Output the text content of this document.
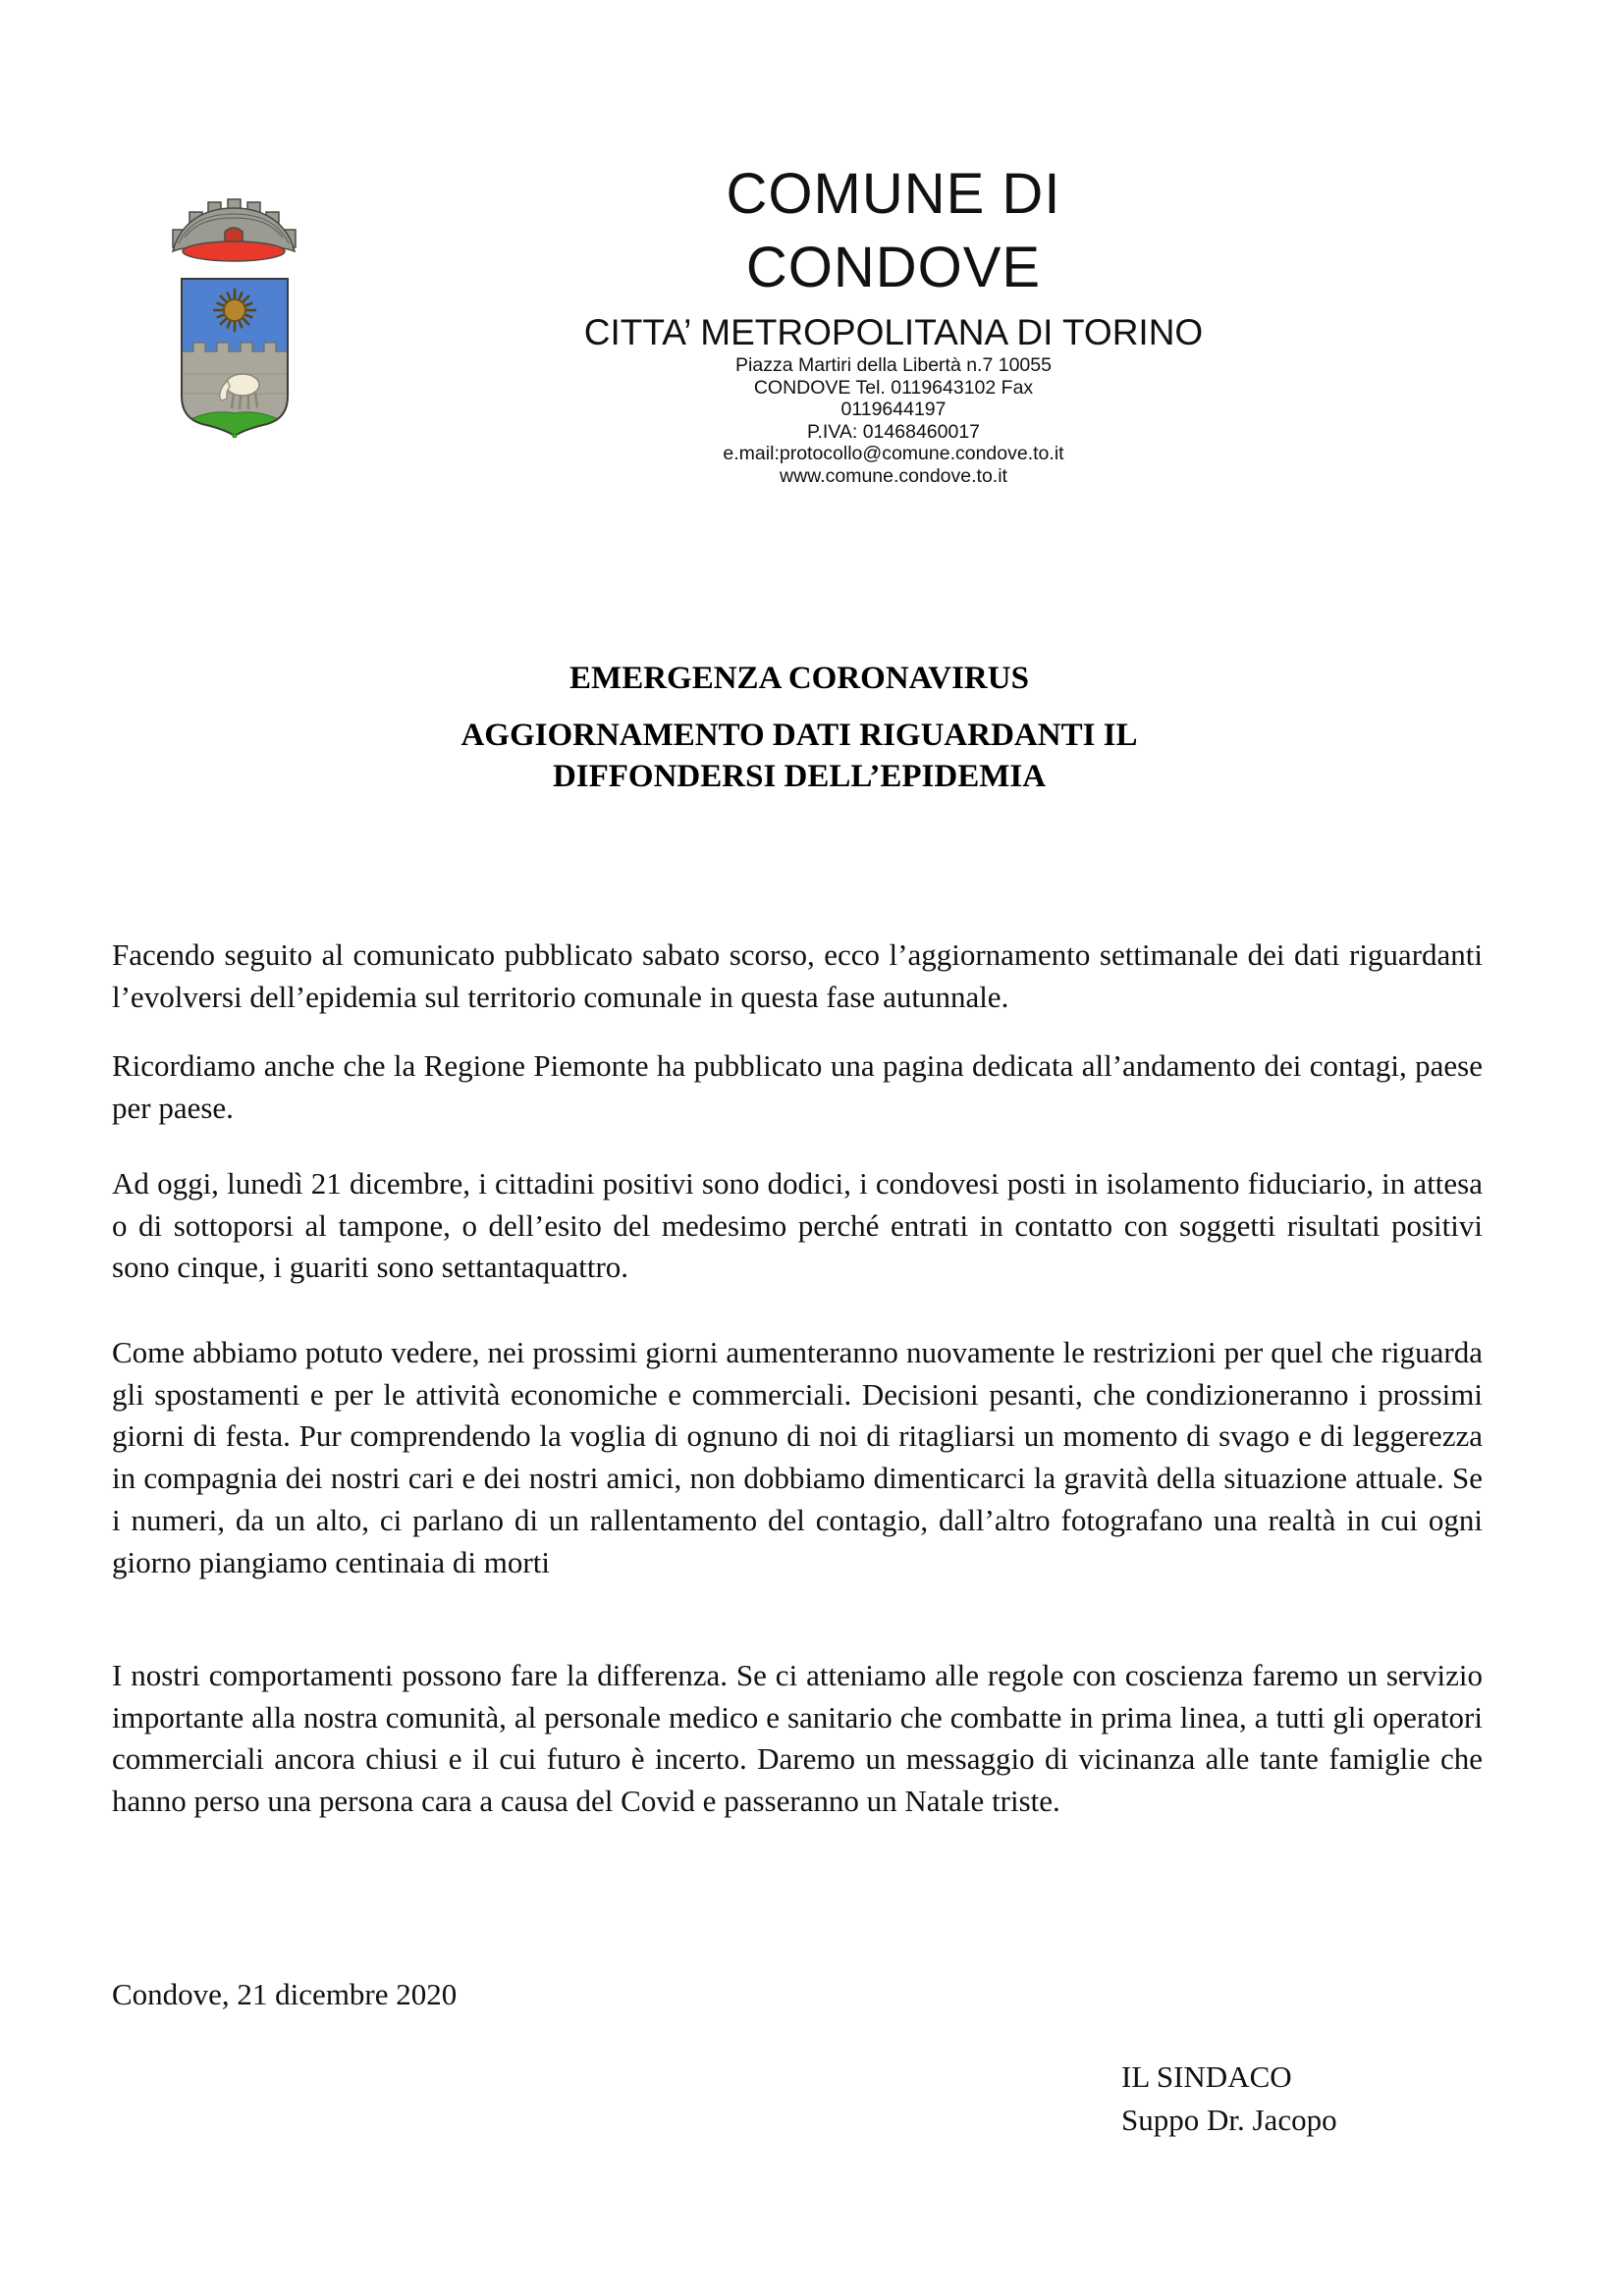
COMUNE DI
CONDOVE
CITTA’ METROPOLITANA DI TORINO
Piazza Martiri della Libertà n.7 10055
CONDOVE Tel. 0119643102 Fax
0119644197
P.IVA: 01468460017
e.mail:protocollo@comune.condove.to.it
www.comune.condove.to.it
EMERGENZA CORONAVIRUS
AGGIORNAMENTO DATI RIGUARDANTI IL
DIFFONDERSI DELL’EPIDEMIA

Facendo seguito al comunicato pubblicato sabato scorso, ecco l’aggiornamento settimanale dei dati riguardanti l’evolversi dell’epidemia sul territorio comunale in questa fase autunnale.

Ricordiamo anche che la Regione Piemonte ha pubblicato una pagina dedicata all’andamento dei contagi, paese per paese.

Ad oggi, lunedì 21 dicembre, i cittadini positivi sono dodici, i condovesi posti in isolamento fiduciario, in attesa o di sottoporsi al tampone, o dell’esito del medesimo perché entrati in contatto con soggetti risultati positivi sono cinque, i guariti sono settantaquattro.

Come abbiamo potuto vedere, nei prossimi giorni aumenteranno nuovamente le restrizioni per quel che riguarda gli spostamenti e per le attività economiche e commerciali. Decisioni pesanti, che condizioneranno i prossimi giorni di festa. Pur comprendendo la voglia di ognuno di noi di ritagliarsi un momento di svago e di leggerezza in compagnia dei nostri cari e dei nostri amici, non dobbiamo dimenticarci la gravità della situazione attuale. Se i numeri, da un alto, ci parlano di un rallentamento del contagio, dall’altro fotografano una realtà in cui ogni giorno piangiamo centinaia di morti

I nostri comportamenti possono fare la differenza. Se ci atteniamo alle regole con coscienza faremo un servizio importante alla nostra comunità, al personale medico e sanitario che combatte in prima linea, a tutti gli operatori commerciali ancora chiusi e il cui futuro è incerto. Daremo un messaggio di vicinanza alle tante famiglie che hanno perso una persona cara a causa del Covid e passeranno un Natale triste.

Condove, 21 dicembre 2020
IL SINDACO
Suppo Dr. Jacopo
